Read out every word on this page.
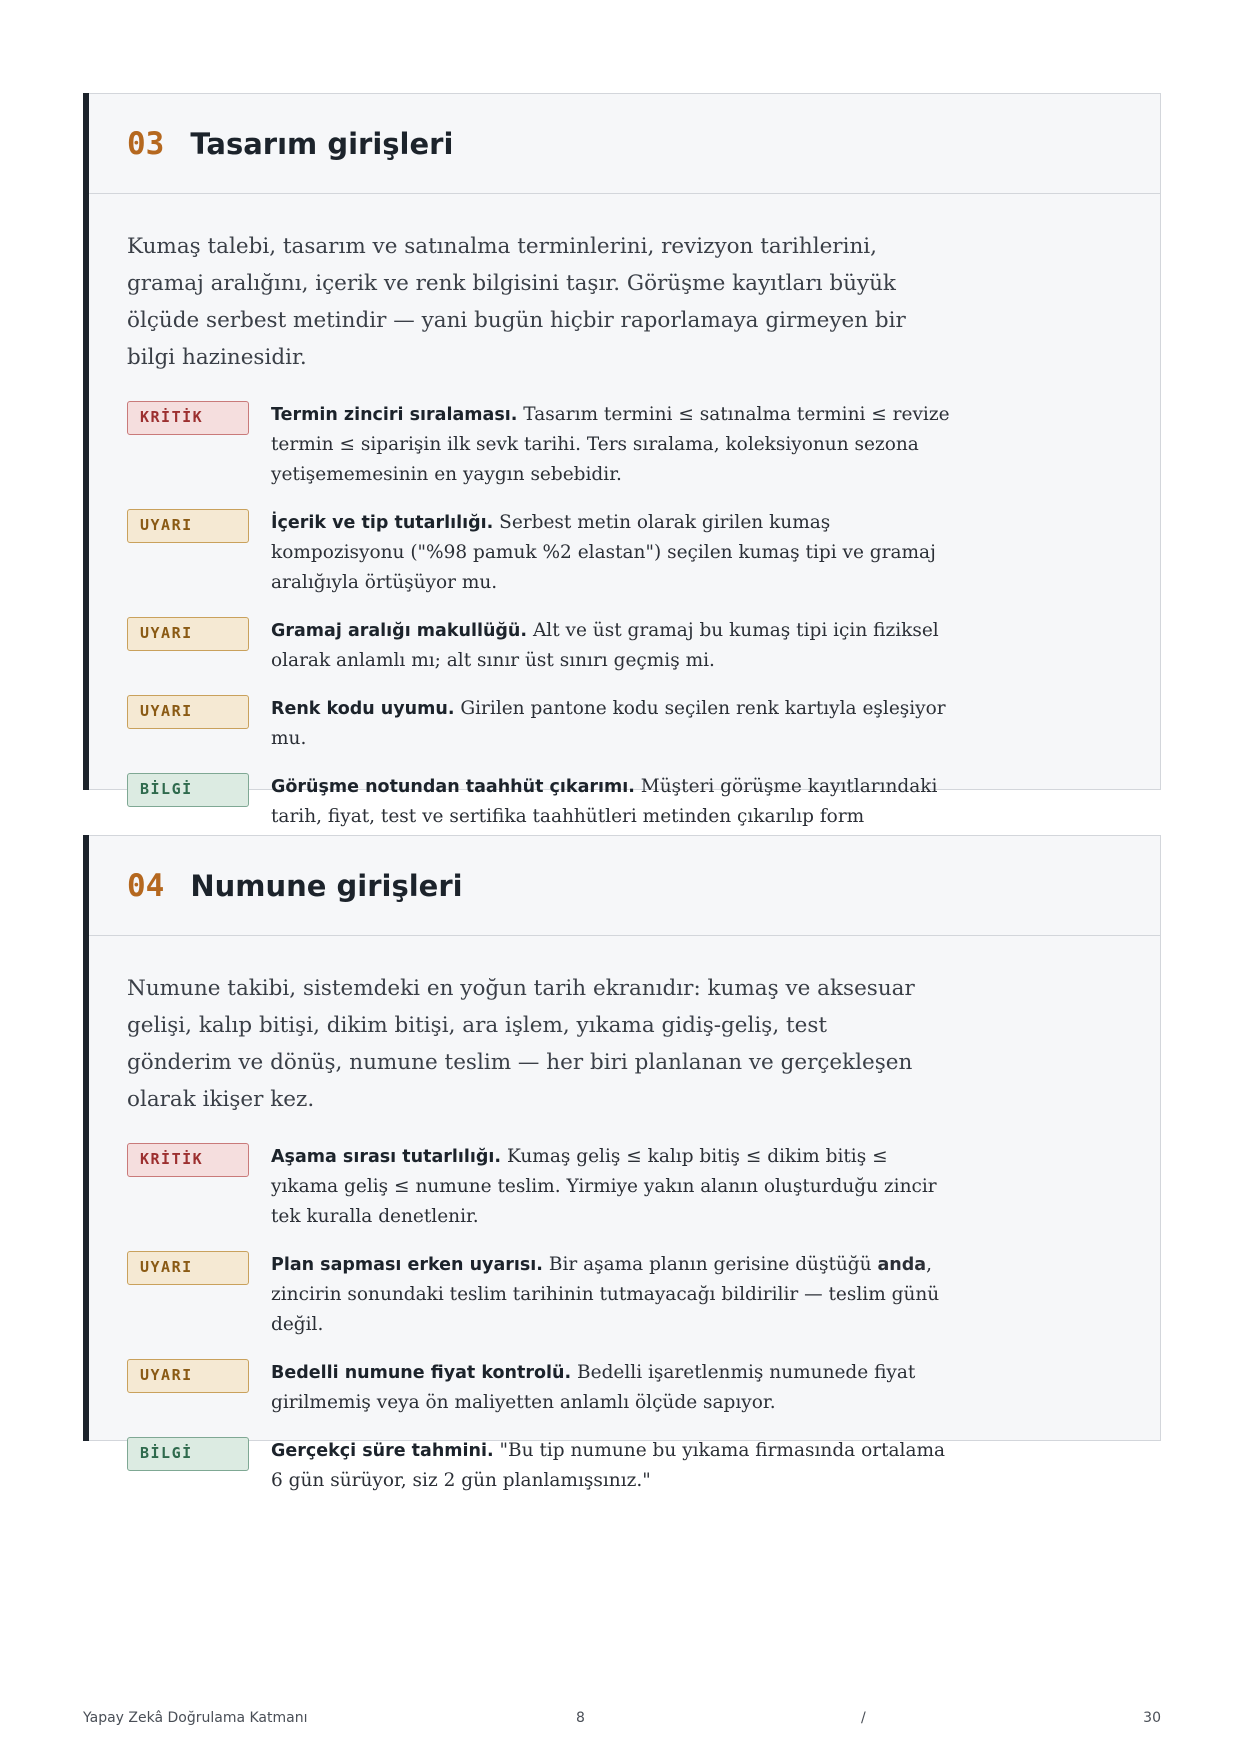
03 Tasarım girişleri

Kumaş talebi, tasarım ve satınalma terminlerini, revizyon tarihlerini, gramaj aralığını, içerik ve renk bilgisini taşır. Görüşme kayıtları büyük ölçüde serbest metindir — yani bugün hiçbir raporlamaya girmeyen bir bilgi hazinesidir.

KRİTİK	Termin zinciri sıralaması. Tasarım termini ≤ satınalma termini ≤ revize termin ≤ siparişin ilk sevk tarihi. Ters sıralama, koleksiyonun sezona yetişememesinin en yaygın sebebidir.
UYARI	İçerik ve tip tutarlılığı. Serbest metin olarak girilen kumaş kompozisyonu ("%98 pamuk %2 elastan") seçilen kumaş tipi ve gramaj aralığıyla örtüşüyor mu.
UYARI	Gramaj aralığı makullüğü. Alt ve üst gramaj bu kumaş tipi için fiziksel olarak anlamlı mı; alt sınır üst sınırı geçmiş mi.
UYARI	Renk kodu uyumu. Girilen pantone kodu seçilen renk kartıyla eşleşiyor mu.
BİLGİ	Görüşme notundan taahhüt çıkarımı. Müşteri görüşme kayıtlarındaki tarih, fiyat, test ve sertifika taahhütleri metinden çıkarılıp form
04 Numune girişleri

Numune takibi, sistemdeki en yoğun tarih ekranıdır: kumaş ve aksesuar gelişi, kalıp bitişi, dikim bitişi, ara işlem, yıkama gidiş-geliş, test gönderim ve dönüş, numune teslim — her biri planlanan ve gerçekleşen olarak ikişer kez.

KRİTİK	Aşama sırası tutarlılığı. Kumaş geliş ≤ kalıp bitiş ≤ dikim bitiş ≤ yıkama geliş ≤ numune teslim. Yirmiye yakın alanın oluşturduğu zincir tek kuralla denetlenir.
UYARI	Plan sapması erken uyarısı. Bir aşama planın gerisine düştüğü anda, zincirin sonundaki teslim tarihinin tutmayacağı bildirilir — teslim günü değil.
UYARI	Bedelli numune fiyat kontrolü. Bedelli işaretlenmiş numunede fiyat girilmemiş veya ön maliyetten anlamlı ölçüde sapıyor.
BİLGİ	Gerçekçi süre tahmini. "Bu tip numune bu yıkama firmasında ortalama 6 gün sürüyor, siz 2 gün planlamışsınız."
Yapay Zekâ Doğrulama Katmanı	8	/	30
